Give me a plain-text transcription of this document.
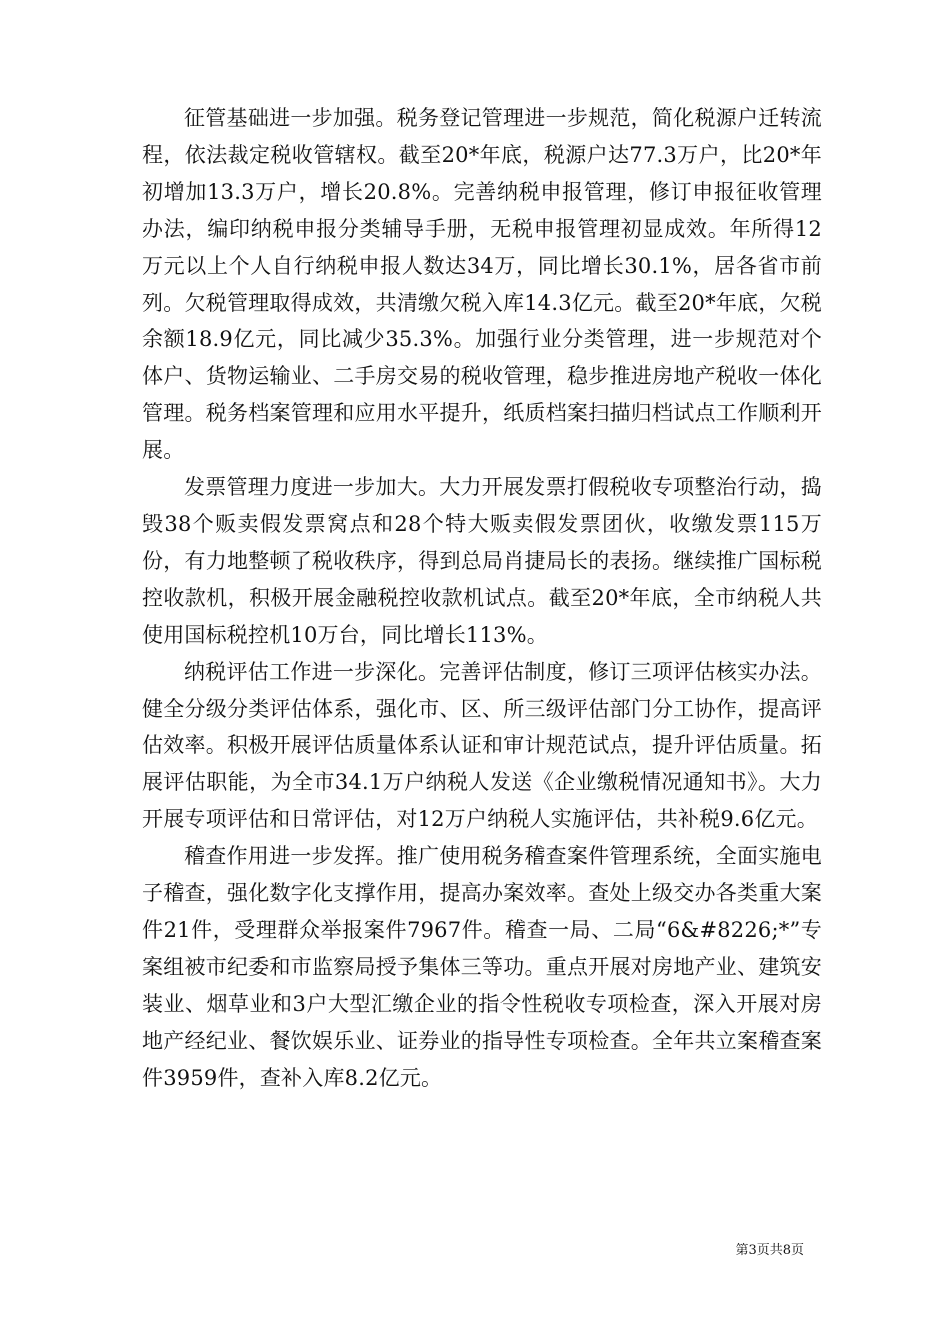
征管基础进一步加强。税务登记管理进一步规范，简化税源户迁转流程，依法裁定税收管辖权。截至20*年底，税源户达77.3万户，比20*年初增加13.3万户，增长20.8%。完善纳税申报管理，修订申报征收管理办法，编印纳税申报分类辅导手册，无税申报管理初显成效。年所得12万元以上个人自行纳税申报人数达34万，同比增长30.1%，居各省市前列。欠税管理取得成效，共清缴欠税入库14.3亿元。截至20*年底，欠税余额18.9亿元，同比减少35.3%。加强行业分类管理，进一步规范对个体户、货物运输业、二手房交易的税收管理，稳步推进房地产税收一体化管理。税务档案管理和应用水平提升，纸质档案扫描归档试点工作顺利开展。

发票管理力度进一步加大。大力开展发票打假税收专项整治行动，捣毁38个贩卖假发票窝点和28个特大贩卖假发票团伙，收缴发票115万份，有力地整顿了税收秩序，得到总局肖捷局长的表扬。继续推广国标税控收款机，积极开展金融税控收款机试点。截至20*年底，全市纳税人共使用国标税控机10万台，同比增长113%。

纳税评估工作进一步深化。完善评估制度，修订三项评估核实办法。健全分级分类评估体系，强化市、区、所三级评估部门分工协作，提高评估效率。积极开展评估质量体系认证和审计规范试点，提升评估质量。拓展评估职能，为全市34.1万户纳税人发送《企业缴税情况通知书》。大力开展专项评估和日常评估，对12万户纳税人实施评估，共补税9.6亿元。

稽查作用进一步发挥。推广使用税务稽查案件管理系统，全面实施电子稽查，强化数字化支撑作用，提高办案效率。查处上级交办各类重大案件21件，受理群众举报案件7967件。稽查一局、二局“6&#8226;*”专案组被市纪委和市监察局授予集体三等功。重点开展对房地产业、建筑安装业、烟草业和3户大型汇缴企业的指令性税收专项检查，深入开展对房地产经纪业、餐饮娱乐业、证券业的指导性专项检查。全年共立案稽查案件3959件，查补入库8.2亿元。

第3页共8页
